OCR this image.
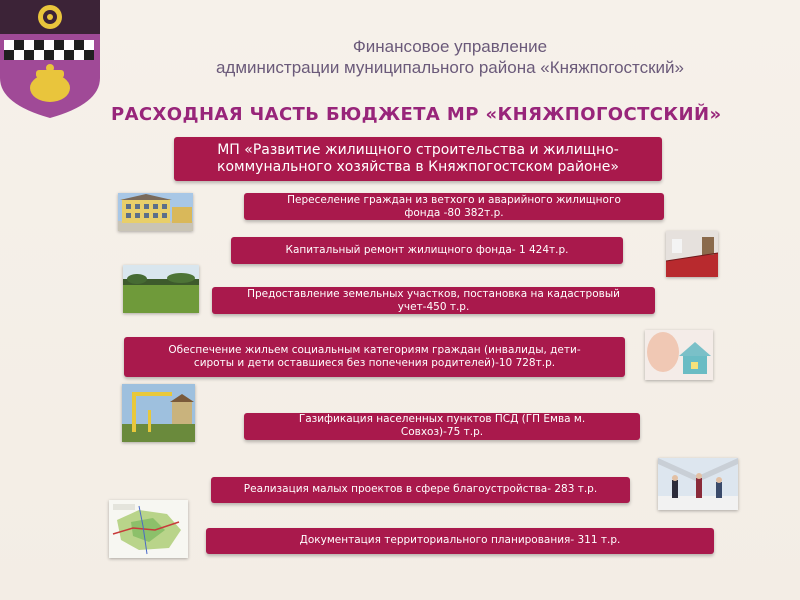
Финансовое управление
администрации муниципального района «Княжпогостский»
РАСХОДНАЯ ЧАСТЬ БЮДЖЕТА МР «КНЯЖПОГОСТСКИЙ»
МП «Развитие жилищного строительства и жилищно-
коммунального хозяйства в Княжпогостском районе»
Переселение граждан из ветхого и аварийного жилищного
фонда -80 382т.р.
Капитальный ремонт жилищного фонда- 1 424т.р.
Предоставление земельных участков, постановка на кадастровый
учет-450 т.р.
Обеспечение жильем социальным категориям граждан (инвалиды, дети-
сироты и дети оставшиеся без попечения родителей)-10 728т.р.
Газификация населенных пунктов ПСД (ГП Емва м.
Совхоз)-75 т.р.
Реализация малых проектов в сфере благоустройства- 283 т.р.
Документация территориального планирования- 311 т.р.
